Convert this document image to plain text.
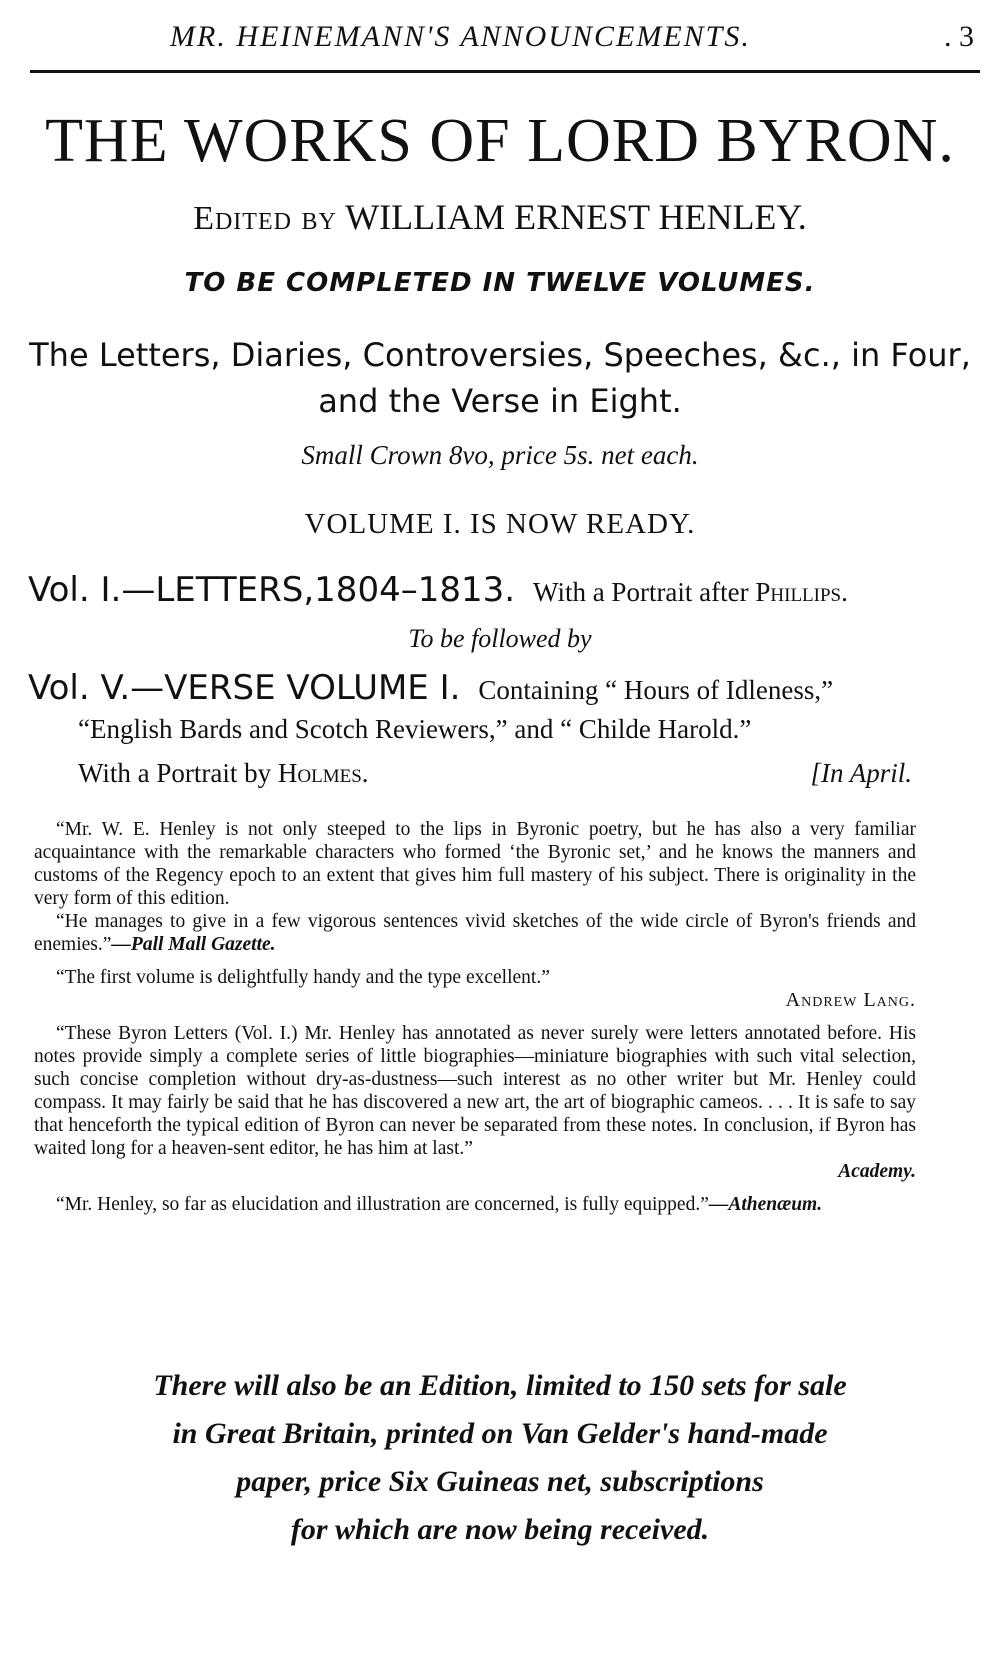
MR. HEINEMANN'S ANNOUNCEMENTS.	. 3
THE WORKS OF LORD BYRON.
Edited by WILLIAM ERNEST HENLEY.
TO BE COMPLETED IN TWELVE VOLUMES.
The Letters, Diaries, Controversies, Speeches, &c., in Four,
and the Verse in Eight.
Small Crown 8vo, price 5s. net each.
VOLUME I. IS NOW READY.
Vol. I.—LETTERS,1804–1813. With a Portrait after Phillips.
To be followed by
Vol. V.—VERSE VOLUME I. Containing “ Hours of Idleness,”
“English Bards and Scotch Reviewers,” and “ Childe Harold.”
With a Portrait by Holmes.	[In April.

“Mr. W. E. Henley is not only steeped to the lips in Byronic poetry, but he has also a very familiar acquaintance with the remarkable characters who formed ‘the Byronic set,’ and he knows the manners and customs of the Regency epoch to an extent that gives him full mastery of his subject. There is originality in the very form of this edition.

“He manages to give in a few vigorous sentences vivid sketches of the wide circle of Byron's friends and enemies.”—Pall Mall Gazette.

“The first volume is delightfully handy and the type excellent.”

Andrew Lang.

“These Byron Letters (Vol. I.) Mr. Henley has annotated as never surely were letters annotated before. His notes provide simply a complete series of little biographies—miniature biographies with such vital selection, such concise completion without dry-as-dustness—such interest as no other writer but Mr. Henley could compass. It may fairly be said that he has discovered a new art, the art of biographic cameos. . . . It is safe to say that henceforth the typical edition of Byron can never be separated from these notes. In conclusion, if Byron has waited long for a heaven-sent editor, he has him at last.”

Academy.

“Mr. Henley, so far as elucidation and illustration are concerned, is fully equipped.”—Athenæum.

There will also be an Edition, limited to 150 sets for sale
in Great Britain, printed on Van Gelder's hand-made
paper, price Six Guineas net, subscriptions
for which are now being received.
